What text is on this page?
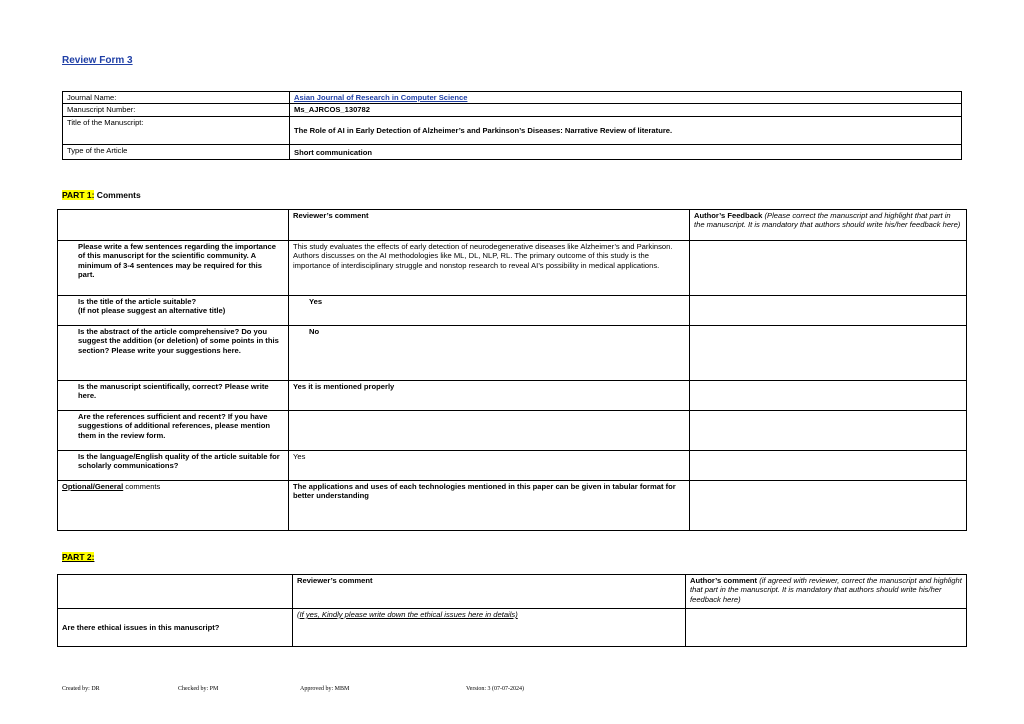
Review Form 3
Journal Name:	Asian Journal of Research in Computer Science
Manuscript Number:	Ms_AJRCOS_130782
Title of the Manuscript:	The Role of AI in Early Detection of Alzheimer’s and Parkinson’s Diseases: Narrative Review of literature.
Type of the Article	Short communication
PART 1: Comments
	Reviewer’s comment	Author’s Feedback (Please correct the manuscript and highlight that part in the manuscript. It is mandatory that authors should write his/her feedback here)
Please write a few sentences regarding the importance of this manuscript for the scientific community. A minimum of 3-4 sentences may be required for this part.	This study evaluates the effects of early detection of neurodegenerative diseases like Alzheimer’s and Parkinson. Authors discusses on the AI methodologies like ML, DL, NLP, RL. The primary outcome of this study is the importance of interdisciplinary struggle and nonstop research to reveal AI’s possibility in medical applications.	
Is the title of the article suitable?
(If not please suggest an alternative title)	Yes	
Is the abstract of the article comprehensive? Do you suggest the addition (or deletion) of some points in this section? Please write your suggestions here.	No	
Is the manuscript scientifically, correct? Please write here.	Yes it is mentioned properly	
Are the references sufficient and recent? If you have suggestions of additional references, please mention them in the review form.		
Is the language/English quality of the article suitable for scholarly communications?	Yes	
Optional/General comments	The applications and uses of each technologies mentioned in this paper can be given in tabular format for better understanding	
PART 2:
	Reviewer’s comment	Author’s comment (if agreed with reviewer, correct the manuscript and highlight that part in the manuscript. It is mandatory that authors should write his/her feedback here)
Are there ethical issues in this manuscript?	(If yes, Kindly please write down the ethical issues here in details)	
Created by: DR	Checked by: PM	Approved by: MBM	Version: 3 (07-07-2024)
